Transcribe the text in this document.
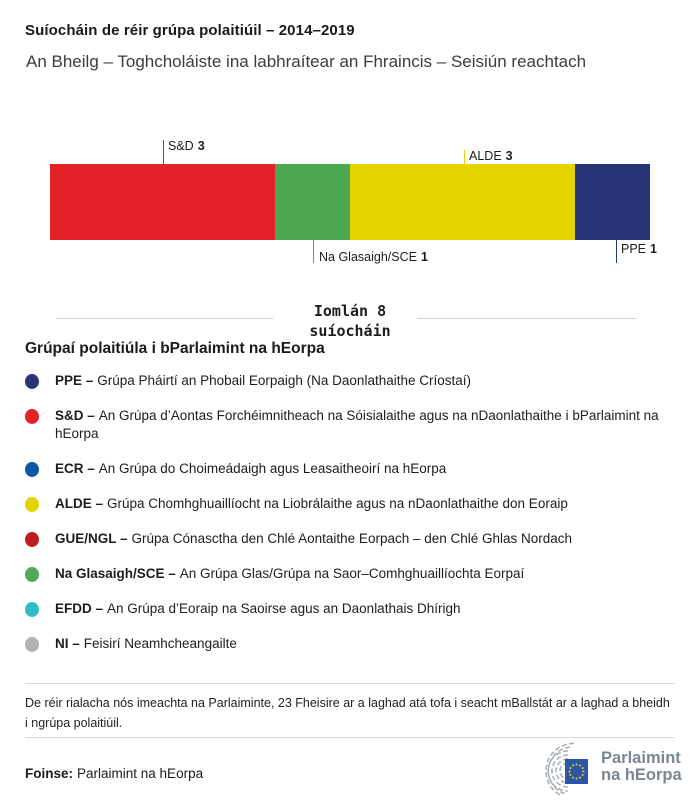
Suíocháin de réir grúpa polaitiúil – 2014–2019
An Bheilg – Toghcholáiste ina labhraítear an Fhraincis – Seisiún reachtach
S&D 3
ALDE 3
Na Glasaigh/SCE 1
PPE 1
Iomlán 8
suíocháin
Grúpaí polaitiúla i bParlaimint na hEorpa
PPE – Grúpa Pháirtí an Phobail Eorpaigh (Na Daonlathaithe Críostaí)
S&D – An Grúpa d’Aontas Forchéimnitheach na Sóisialaithe agus na nDaonlathaithe i bParlaimint na hEorpa
ECR – An Grúpa do Choimeádaigh agus Leasaitheoirí na hEorpa
ALDE – Grúpa Chomhghuaillíocht na Liobrálaithe agus na nDaonlathaithe don Eoraip
GUE/NGL – Grúpa Cónasctha den Chlé Aontaithe Eorpach – den Chlé Ghlas Nordach
Na Glasaigh/SCE – An Grúpa Glas/Grúpa na Saor–Comhghuaillíochta Eorpaí
EFDD – An Grúpa d’Eoraip na Saoirse agus an Daonlathais Dhírigh
NI – Feisirí Neamhcheangailte
De réir rialacha nós imeachta na Parlaiminte, 23 Fheisire ar a laghad atá tofa i seacht mBallstát ar a laghad a bheidh i ngrúpa polaitiúil.
Foinse: Parlaimint na hEorpa
Parlaimint
na hEorpa
